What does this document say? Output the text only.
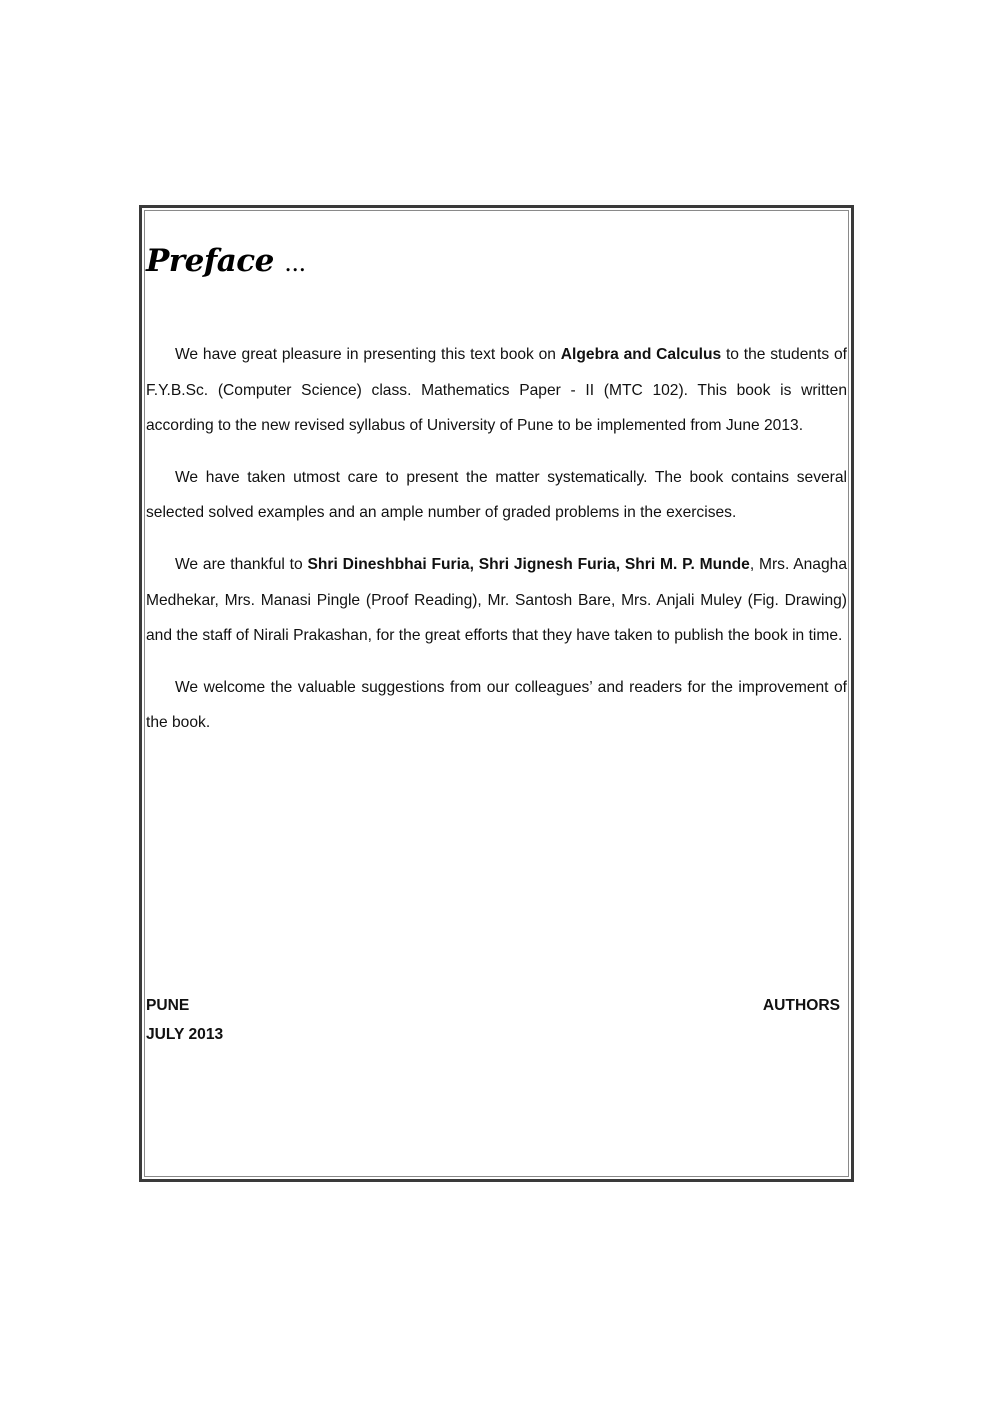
Preface ...

We have great pleasure in presenting this text book on Algebra and Calculus to the students of F.Y.B.Sc. (Computer Science) class. Mathematics Paper - II (MTC 102). This book is written according to the new revised syllabus of University of Pune to be implemented from June 2013.

We have taken utmost care to present the matter systematically. The book contains several selected solved examples and an ample number of graded problems in the exercises.

We are thankful to Shri Dineshbhai Furia, Shri Jignesh Furia, Shri M. P. Munde, Mrs. Anagha Medhekar, Mrs. Manasi Pingle (Proof Reading), Mr. Santosh Bare, Mrs. Anjali Muley (Fig. Drawing) and the staff of Nirali Prakashan, for the great efforts that they have taken to publish the book in time.

We welcome the valuable suggestions from our colleagues’ and readers for the improvement of the book.

PUNE
JULY 2013
AUTHORS
